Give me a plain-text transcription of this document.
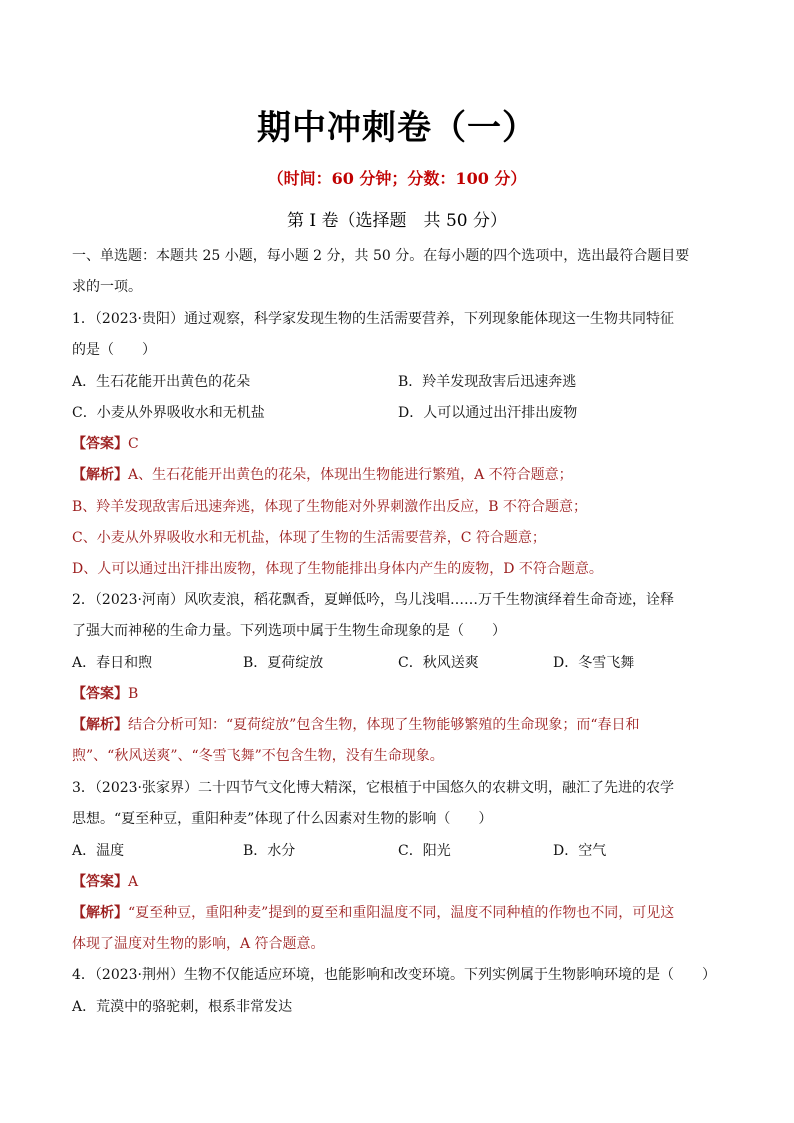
期中冲刺卷（一）
（时间：60 分钟；分数：100 分）
第 I 卷（选择题　共 50 分）
一、单选题：本题共 25 小题，每小题 2 分，共 50 分。在每小题的四个选项中，选出最符合题目要
求的一项。
1．（2023·贵阳）通过观察，科学家发现生物的生活需要营养，下列现象能体现这一生物共同特征
的是（　　）
A．生石花能开出黄色的花朵	B．羚羊发现敌害后迅速奔逃
C．小麦从外界吸收水和无机盐	D．人可以通过出汗排出废物
【答案】C
【解析】A、生石花能开出黄色的花朵，体现出生物能进行繁殖，A 不符合题意；
B、羚羊发现敌害后迅速奔逃，体现了生物能对外界刺激作出反应，B 不符合题意；
C、小麦从外界吸收水和无机盐，体现了生物的生活需要营养，C 符合题意；
D、人可以通过出汗排出废物，体现了生物能排出身体内产生的废物，D 不符合题意。
2．（2023·河南）风吹麦浪，稻花飘香，夏蝉低吟，鸟儿浅唱……万千生物演绎着生命奇迹，诠释
了强大而神秘的生命力量。下列选项中属于生物生命现象的是（　　）
A．春日和煦	B．夏荷绽放	C．秋风送爽	D．冬雪飞舞
【答案】B
【解析】结合分析可知：“夏荷绽放”包含生物，体现了生物能够繁殖的生命现象；而“春日和
煦”、“秋风送爽”、“冬雪飞舞”不包含生物，没有生命现象。
3．（2023·张家界）二十四节气文化博大精深，它根植于中国悠久的农耕文明，融汇了先进的农学
思想。“夏至种豆，重阳种麦”体现了什么因素对生物的影响（　　）
A．温度	B．水分	C．阳光	D．空气
【答案】A
【解析】“夏至种豆，重阳种麦”提到的夏至和重阳温度不同，温度不同种植的作物也不同，可见这
体现了温度对生物的影响，A 符合题意。
4．（2023·荆州）生物不仅能适应环境，也能影响和改变环境。下列实例属于生物影响环境的是（　　）
A．荒漠中的骆驼刺，根系非常发达
